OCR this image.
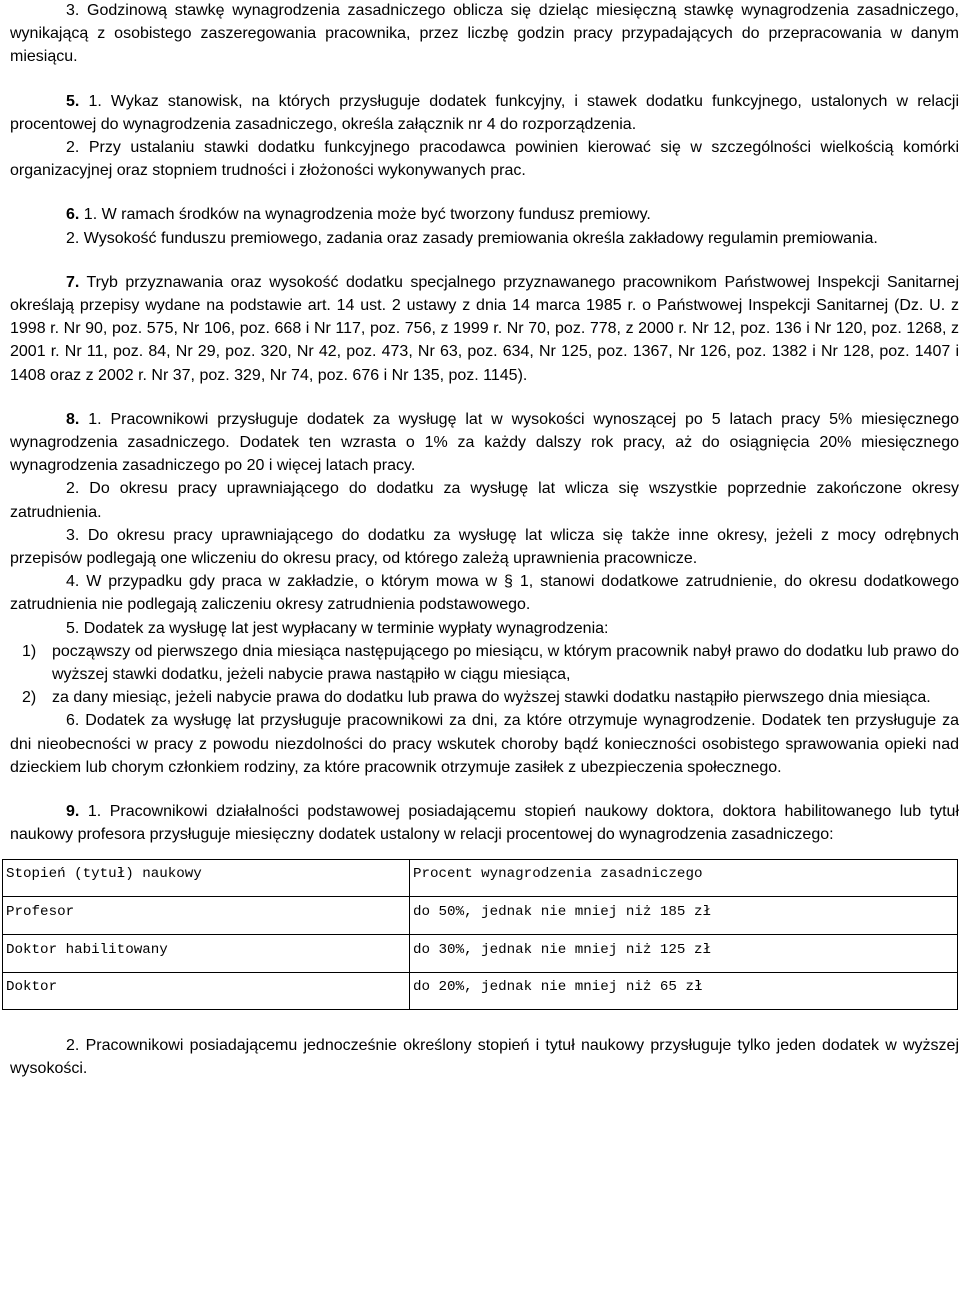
3. Godzinową stawkę wynagrodzenia zasadniczego oblicza się dzieląc miesięczną stawkę wynagrodzenia zasadniczego, wynikającą z osobistego zaszeregowania pracownika, przez liczbę godzin pracy przypadających do przepracowania w danym miesiącu.

5. 1. Wykaz stanowisk, na których przysługuje dodatek funkcyjny, i stawek dodatku funkcyjnego, ustalonych w relacji procentowej do wynagrodzenia zasadniczego, określa załącznik nr 4 do rozporządzenia.

2. Przy ustalaniu stawki dodatku funkcyjnego pracodawca powinien kierować się w szczególności wielkością komórki organizacyjnej oraz stopniem trudności i złożoności wykonywanych prac.

6. 1. W ramach środków na wynagrodzenia może być tworzony fundusz premiowy.

2. Wysokość funduszu premiowego, zadania oraz zasady premiowania określa zakładowy regulamin premiowania.

7. Tryb przyznawania oraz wysokość dodatku specjalnego przyznawanego pracownikom Państwowej Inspekcji Sanitarnej określają przepisy wydane na podstawie art. 14 ust. 2 ustawy z dnia 14 marca 1985 r. o Państwowej Inspekcji Sanitarnej (Dz. U. z 1998 r. Nr 90, poz. 575, Nr 106, poz. 668 i Nr 117, poz. 756, z 1999 r. Nr 70, poz. 778, z 2000 r. Nr 12, poz. 136 i Nr 120, poz. 1268, z 2001 r. Nr 11, poz. 84, Nr 29, poz. 320, Nr 42, poz. 473, Nr 63, poz. 634, Nr 125, poz. 1367, Nr 126, poz. 1382 i Nr 128, poz. 1407 i 1408 oraz z 2002 r. Nr 37, poz. 329, Nr 74, poz. 676 i Nr 135, poz. 1145).

8. 1. Pracownikowi przysługuje dodatek za wysługę lat w wysokości wynoszącej po 5 latach pracy 5% miesięcznego wynagrodzenia zasadniczego. Dodatek ten wzrasta o 1% za każdy dalszy rok pracy, aż do osiągnięcia 20% miesięcznego wynagrodzenia zasadniczego po 20 i więcej latach pracy.

2. Do okresu pracy uprawniającego do dodatku za wysługę lat wlicza się wszystkie poprzednie zakończone okresy zatrudnienia.

3. Do okresu pracy uprawniającego do dodatku za wysługę lat wlicza się także inne okresy, jeżeli z mocy odrębnych przepisów podlegają one wliczeniu do okresu pracy, od którego zależą uprawnienia pracownicze.

4. W przypadku gdy praca w zakładzie, o którym mowa w § 1, stanowi dodatkowe zatrudnienie, do okresu dodatkowego zatrudnienia nie podlegają zaliczeniu okresy zatrudnienia podstawowego.

5. Dodatek za wysługę lat jest wypłacany w terminie wypłaty wynagrodzenia:

1) począwszy od pierwszego dnia miesiąca następującego po miesiącu, w którym pracownik nabył prawo do dodatku lub prawo do wyższej stawki dodatku, jeżeli nabycie prawa nastąpiło w ciągu miesiąca,
2) za dany miesiąc, jeżeli nabycie prawa do dodatku lub prawa do wyższej stawki dodatku nastąpiło pierwszego dnia miesiąca.

6. Dodatek za wysługę lat przysługuje pracownikowi za dni, za które otrzymuje wynagrodzenie. Dodatek ten przysługuje za dni nieobecności w pracy z powodu niezdolności do pracy wskutek choroby bądź konieczności osobistego sprawowania opieki nad dzieckiem lub chorym członkiem rodziny, za które pracownik otrzymuje zasiłek z ubezpieczenia społecznego.

9. 1. Pracownikowi działalności podstawowej posiadającemu stopień naukowy doktora, doktora habilitowanego lub tytuł naukowy profesora przysługuje miesięczny dodatek ustalony w relacji procentowej do wynagrodzenia zasadniczego:

Stopień (tytuł) naukowy	Procent wynagrodzenia zasadniczego
Profesor	do 50%, jednak nie mniej niż 185 zł
Doktor habilitowany	do 30%, jednak nie mniej niż 125 zł
Doktor	do 20%, jednak nie mniej niż 65 zł

2. Pracownikowi posiadającemu jednocześnie określony stopień i tytuł naukowy przysługuje tylko jeden dodatek w wyższej wysokości.
